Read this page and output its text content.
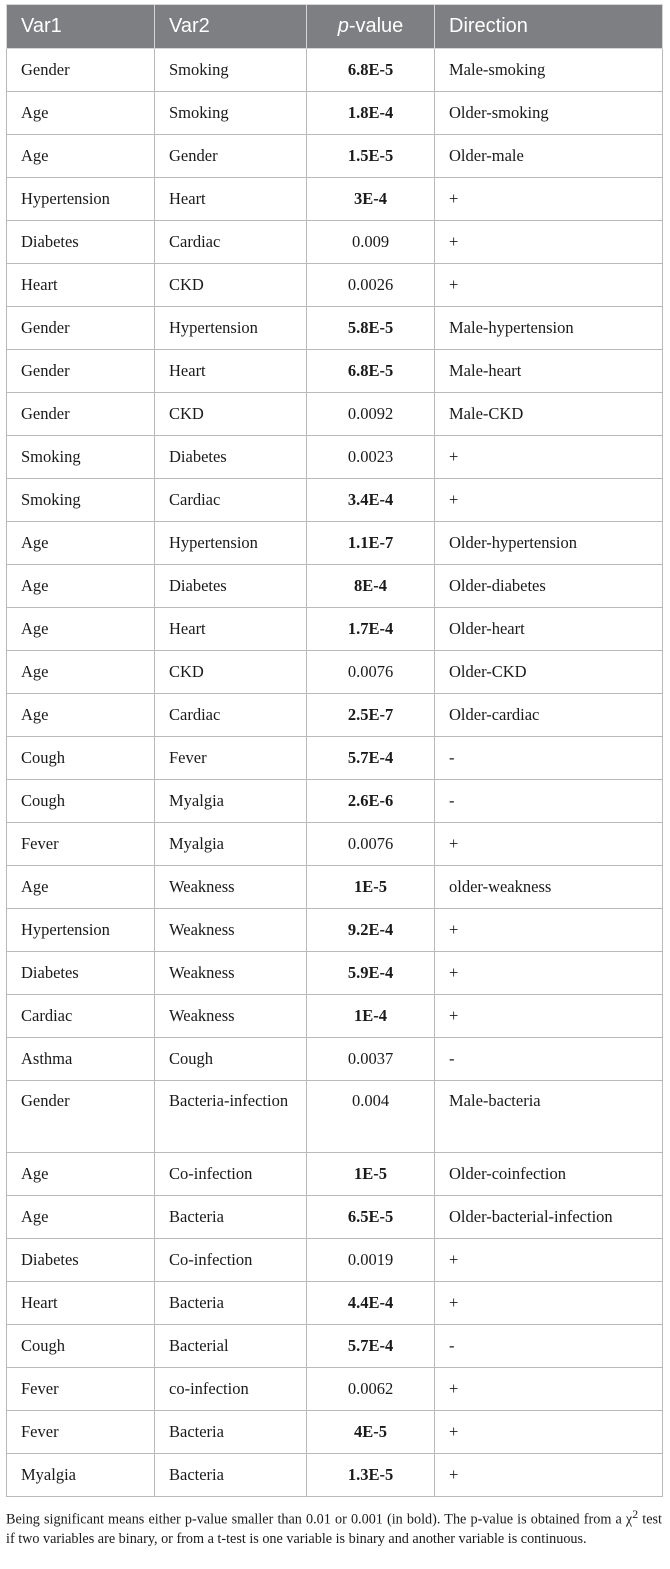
Var1	Var2	p-value	Direction
Gender	Smoking	6.8E-5	Male-smoking
Age	Smoking	1.8E-4	Older-smoking
Age	Gender	1.5E-5	Older-male
Hypertension	Heart	3E-4	+
Diabetes	Cardiac	0.009	+
Heart	CKD	0.0026	+
Gender	Hypertension	5.8E-5	Male-hypertension
Gender	Heart	6.8E-5	Male-heart
Gender	CKD	0.0092	Male-CKD
Smoking	Diabetes	0.0023	+
Smoking	Cardiac	3.4E-4	+
Age	Hypertension	1.1E-7	Older-hypertension
Age	Diabetes	8E-4	Older-diabetes
Age	Heart	1.7E-4	Older-heart
Age	CKD	0.0076	Older-CKD
Age	Cardiac	2.5E-7	Older-cardiac
Cough	Fever	5.7E-4	-
Cough	Myalgia	2.6E-6	-
Fever	Myalgia	0.0076	+
Age	Weakness	1E-5	older-weakness
Hypertension	Weakness	9.2E-4	+
Diabetes	Weakness	5.9E-4	+
Cardiac	Weakness	1E-4	+
Asthma	Cough	0.0037	-
Gender	Bacteria-infection	0.004	Male-bacteria
Age	Co-infection	1E-5	Older-coinfection
Age	Bacteria	6.5E-5	Older-bacterial-infection
Diabetes	Co-infection	0.0019	+
Heart	Bacteria	4.4E-4	+
Cough	Bacterial	5.7E-4	-
Fever	co-infection	0.0062	+
Fever	Bacteria	4E-5	+
Myalgia	Bacteria	1.3E-5	+
Being significant means either p-value smaller than 0.01 or 0.001 (in bold). The p-value is obtained from a $\chi^2$ test if two variables are binary, or from a t-test is one variable is binary and another variable is continuous.
